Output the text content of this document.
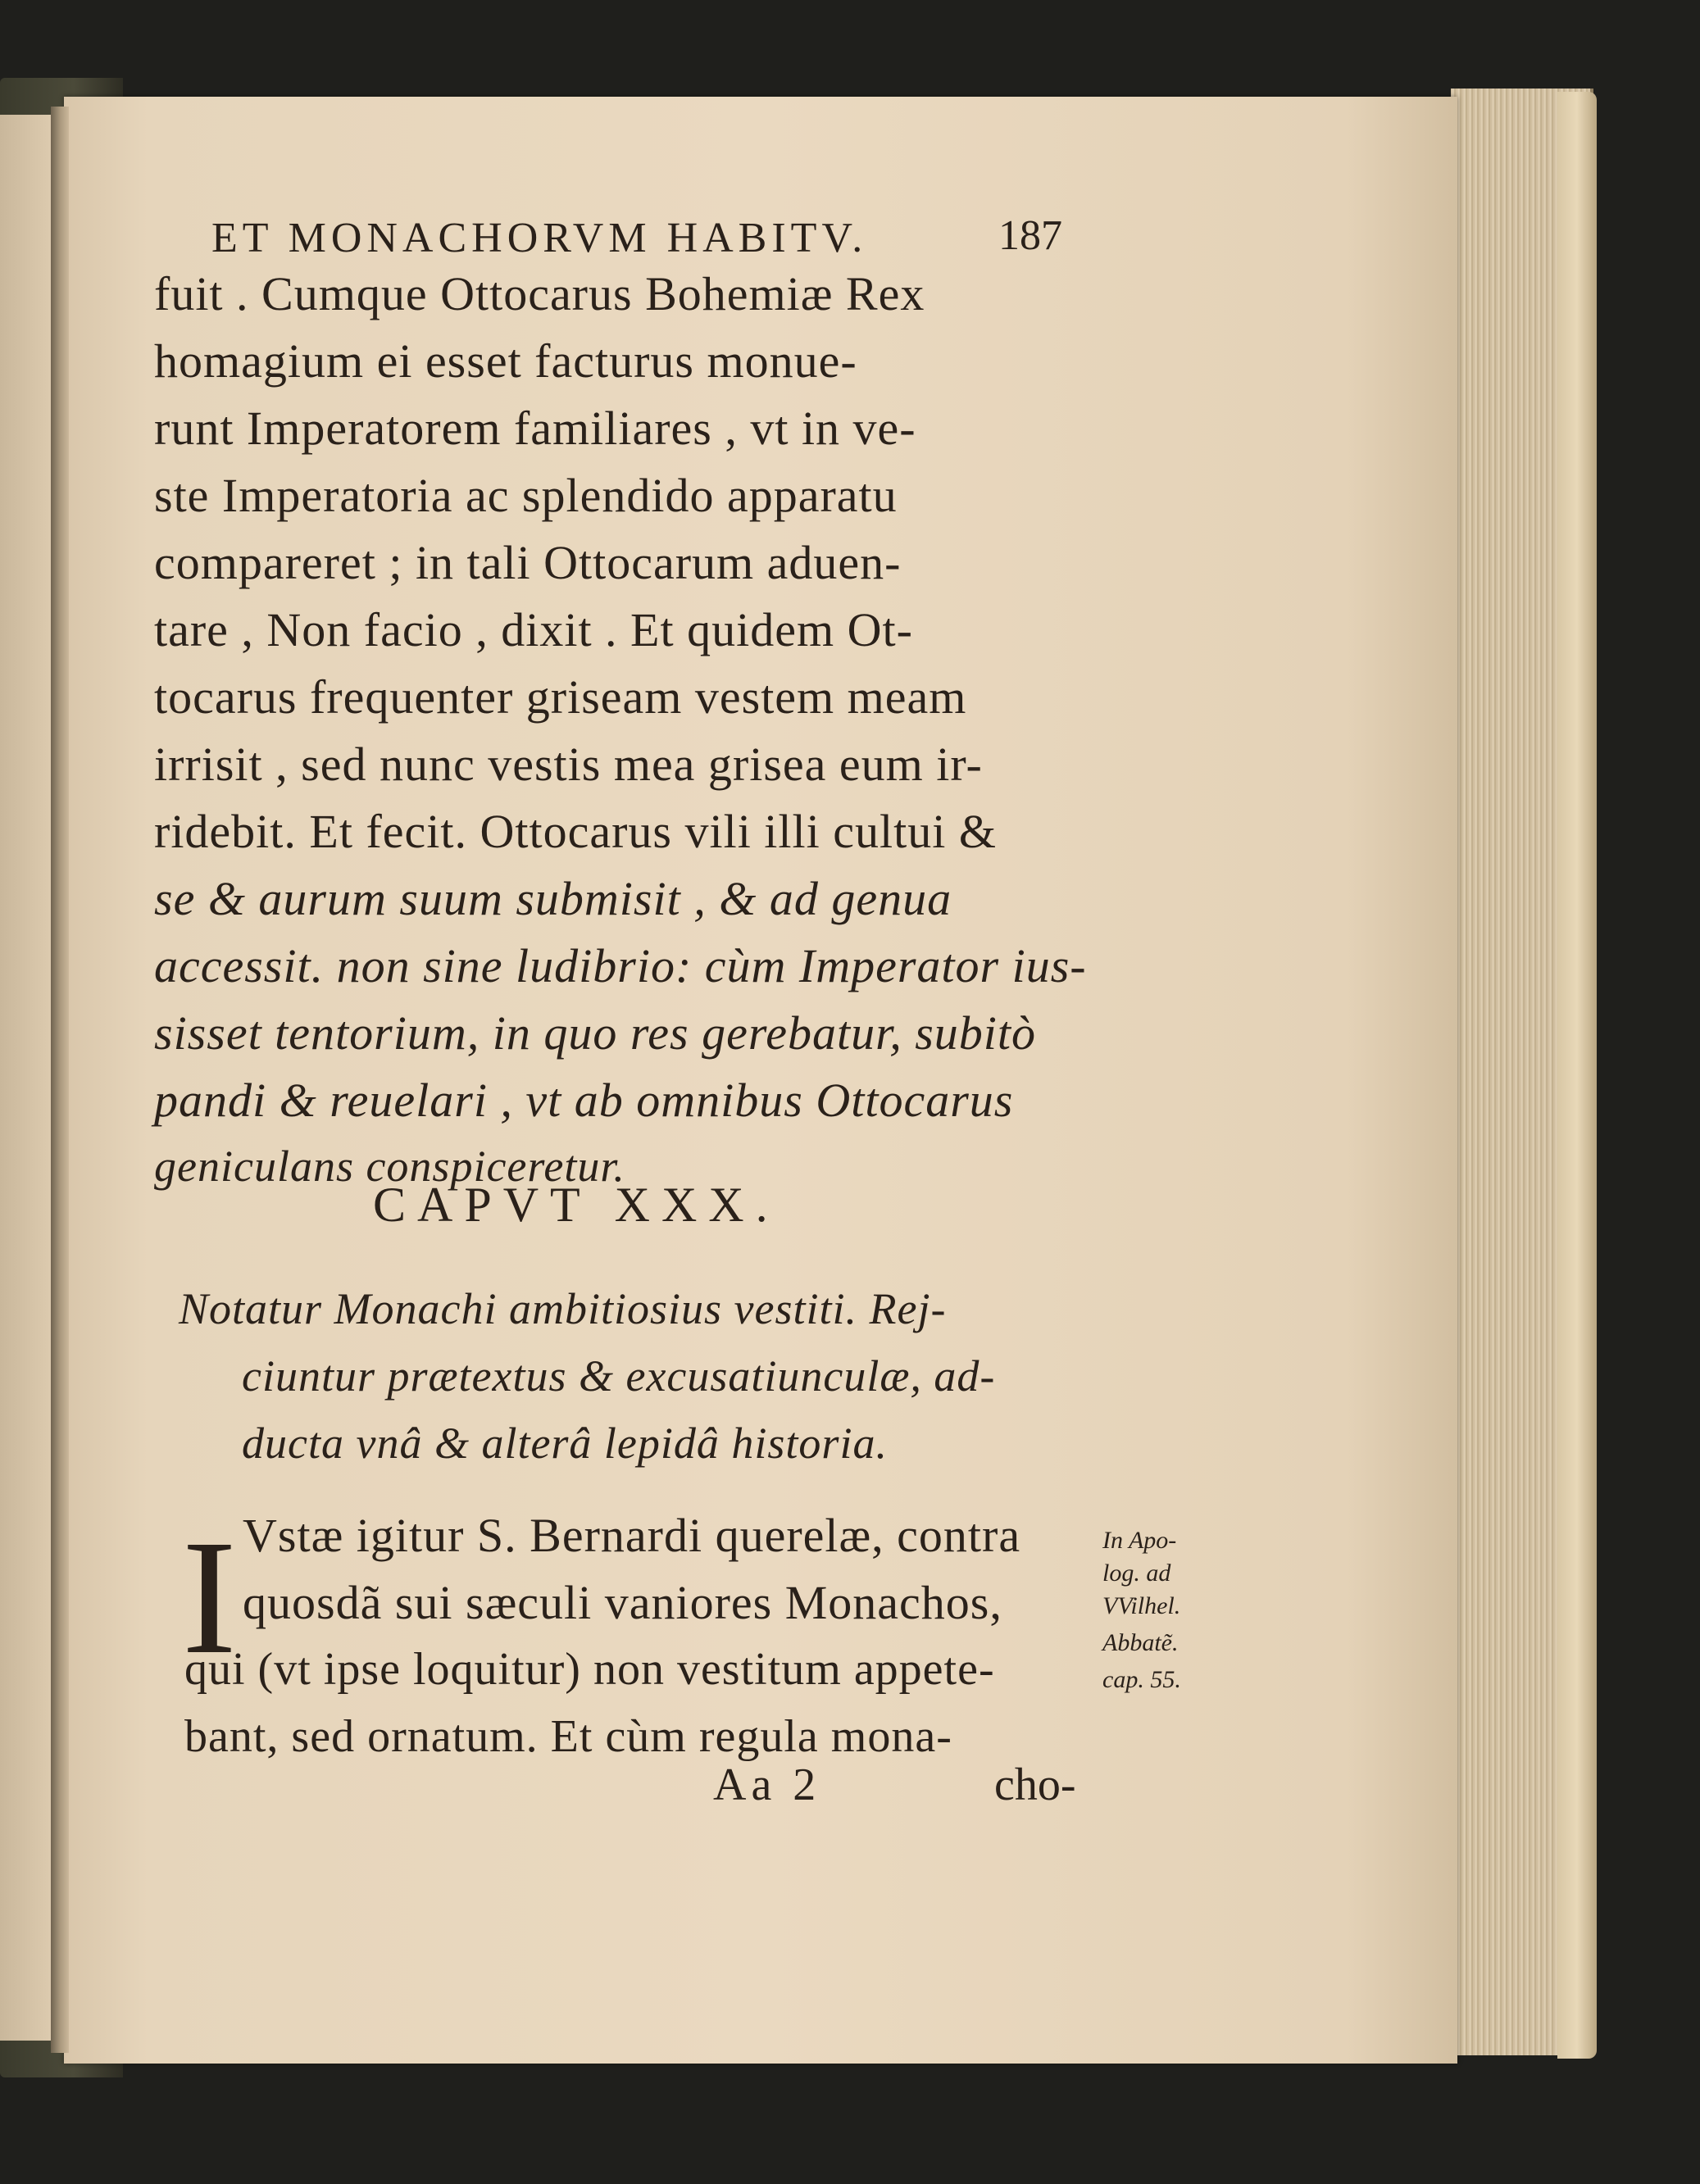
ET MONACHORVM HABITV.	187
fuit . Cumque Ottocarus Bohemiæ Rex
homagium ei esset facturus monue-
runt Imperatorem familiares , vt in ve-
ste Imperatoria ac splendido apparatu
compareret ; in tali Ottocarum aduen-
tare , Non facio , dixit . Et quidem Ot-
tocarus frequenter griseam vestem meam
irrisit , sed nunc vestis mea grisea eum ir-
ridebit. Et fecit. Ottocarus vili illi cultui &
se & aurum suum submisit , & ad genua
accessit. non sine ludibrio: cùm Imperator ius-
sisset tentorium, in quo res gerebatur, subitò
pandi & reuelari , vt ab omnibus Ottocarus
geniculans conspiceretur.
CAPVT XXX.
Notatur Monachi ambitiosius vestiti. Rej-
ciuntur prætextus & excusatiunculæ, ad-
ducta vnâ & alterâ lepidâ historia.
I Vstæ igitur S. Bernardi querelæ, contra
quosdã sui sæculi vaniores Monachos,
qui (vt ipse loquitur) non vestitum appete-
bant, sed ornatum. Et cùm regula mona-
In Apo-
log. ad
VVilhel.
Abbatẽ.
cap. 55.
Aa 2	cho-
